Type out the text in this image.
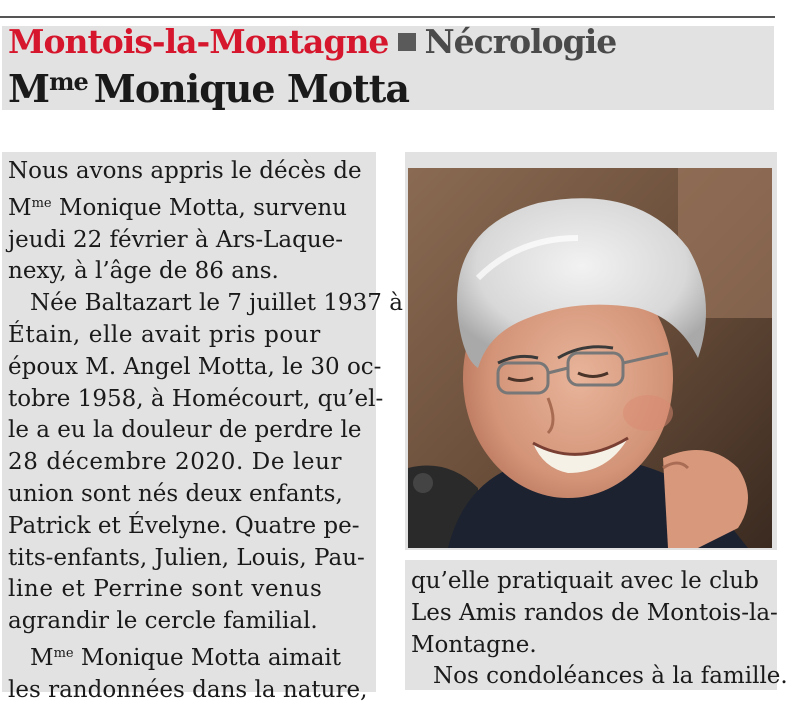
Montois-la-Montagne Nécrologie
$M^{me}$ Monique Motta
Nous avons appris le décès de
$M^{me}$ Monique Motta, survenu
jeudi 22 février à Ars-Laque-
nexy, à l’âge de 86 ans.
Née Baltazart le 7 juillet 1937 à
Étain, elle avait pris pour
époux M. Angel Motta, le 30 oc-
tobre 1958, à Homécourt, qu’el-
le a eu la douleur de perdre le
28 décembre 2020. De leur
union sont nés deux enfants,
Patrick et Évelyne. Quatre pe-
tits-enfants, Julien, Louis, Pau-
line et Perrine sont venus
agrandir le cercle familial.
$M^{me}$ Monique Motta aimait
les randonnées dans la nature,
qu’elle pratiquait avec le club
Les Amis randos de Montois-la-
Montagne.
Nos condoléances à la famille.
